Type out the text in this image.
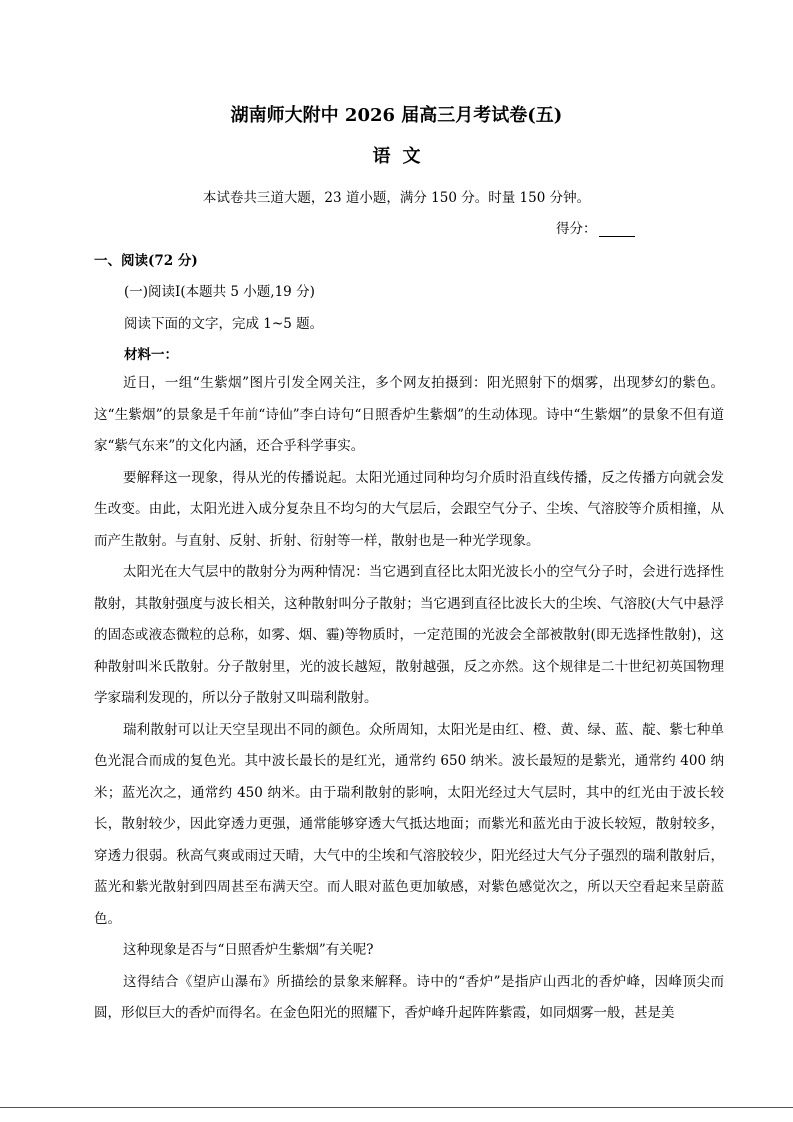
湖南师大附中 2026 届高三月考试卷(五)
语文
本试卷共三道大题，23 道小题，满分 150 分。时量 150 分钟。
得分：
一、阅读(72 分)
(一)阅读Ⅰ(本题共 5 小题,19 分)
阅读下面的文字，完成 1~5 题。
材料一：

近日，一组“生紫烟”图片引发全网关注，多个网友拍摄到：阳光照射下的烟雾，出现梦幻的紫色。这“生紫烟”的景象是千年前“诗仙”李白诗句“日照香炉生紫烟”的生动体现。诗中“生紫烟”的景象不但有道家“紫气东来”的文化内涵，还合乎科学事实。

要解释这一现象，得从光的传播说起。太阳光通过同种均匀介质时沿直线传播，反之传播方向就会发生改变。由此，太阳光进入成分复杂且不均匀的大气层后，会跟空气分子、尘埃、气溶胶等介质相撞，从而产生散射。与直射、反射、折射、衍射等一样，散射也是一种光学现象。

太阳光在大气层中的散射分为两种情况：当它遇到直径比太阳光波长小的空气分子时，会进行选择性散射，其散射强度与波长相关，这种散射叫分子散射；当它遇到直径比波长大的尘埃、气溶胶(大气中悬浮的固态或液态微粒的总称，如雾、烟、霾)等物质时，一定范围的光波会全部被散射(即无选择性散射)，这种散射叫米氏散射。分子散射里，光的波长越短，散射越强，反之亦然。这个规律是二十世纪初英国物理学家瑞利发现的，所以分子散射又叫瑞利散射。

瑞利散射可以让天空呈现出不同的颜色。众所周知，太阳光是由红、橙、黄、绿、蓝、靛、紫七种单色光混合而成的复色光。其中波长最长的是红光，通常约 650 纳米。波长最短的是紫光，通常约 400 纳米；蓝光次之，通常约 450 纳米。由于瑞利散射的影响，太阳光经过大气层时，其中的红光由于波长较长，散射较少，因此穿透力更强，通常能够穿透大气抵达地面；而紫光和蓝光由于波长较短，散射较多，穿透力很弱。秋高气爽或雨过天晴，大气中的尘埃和气溶胶较少，阳光经过大气分子强烈的瑞利散射后，蓝光和紫光散射到四周甚至布满天空。而人眼对蓝色更加敏感，对紫色感觉次之，所以天空看起来呈蔚蓝色。

这种现象是否与“日照香炉生紫烟”有关呢?

这得结合《望庐山瀑布》所描绘的景象来解释。诗中的“香炉”是指庐山西北的香炉峰，因峰顶尖而圆，形似巨大的香炉而得名。在金色阳光的照耀下，香炉峰升起阵阵紫霞，如同烟雾一般，甚是美
